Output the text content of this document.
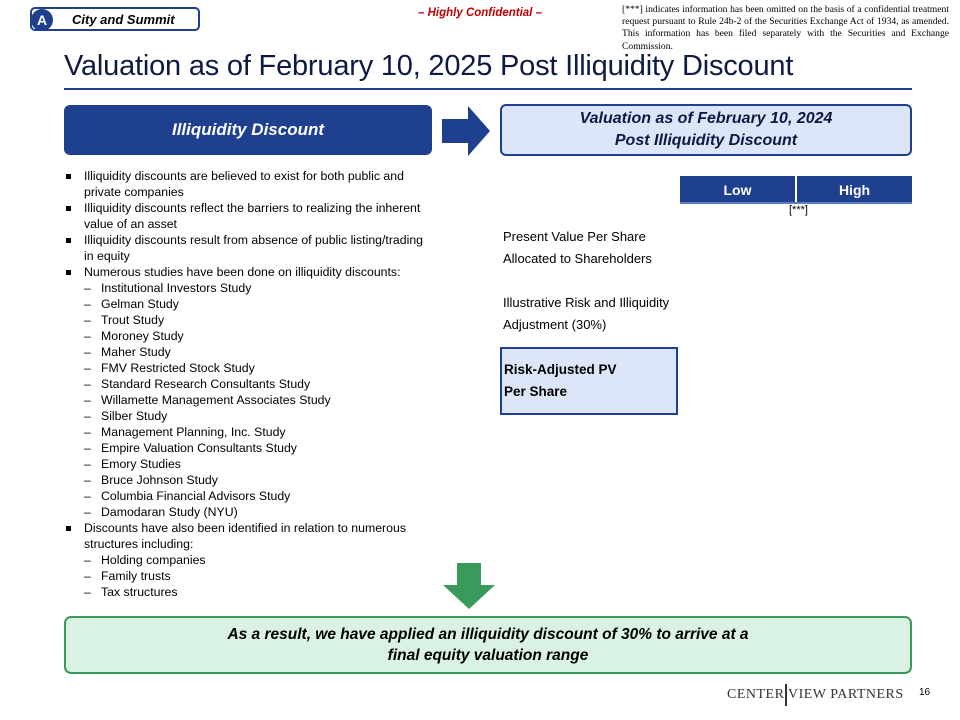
A	City and Summit	– Highly Confidential –	[***] indicates information has been omitted on the basis of a confidential treatment request pursuant to Rule 24b-2 of the Securities Exchange Act of 1934, as amended. This information has been filed separately with the Securities and Exchange Commission.
Valuation as of February 10, 2025 Post Illiquidity Discount
Illiquidity Discount
Valuation as of February 10, 2024
Post Illiquidity Discount
Illiquidity discounts are believed to exist for both public and private companies
Illiquidity discounts reflect the barriers to realizing the inherent value of an asset
Illiquidity discounts result from absence of public listing/trading in equity
Numerous studies have been done on illiquidity discounts:
– Institutional Investors Study
– Gelman Study
– Trout Study
– Moroney Study
– Maher Study
– FMV Restricted Stock Study
– Standard Research Consultants Study
– Willamette Management Associates Study
– Silber Study
– Management Planning, Inc. Study
– Empire Valuation Consultants Study
– Emory Studies
– Bruce Johnson Study
– Columbia Financial Advisors Study
– Damodaran Study (NYU)
Discounts have also been identified in relation to numerous structures including:
– Holding companies
– Family trusts
– Tax structures
Low	High
[***]
Present Value Per Share
Allocated to Shareholders
Illustrative Risk and Illiquidity
Adjustment (30%)
Risk-Adjusted PV
Per Share
As a result, we have applied an illiquidity discount of 30% to arrive at a
final equity valuation range
CENTER VIEW PARTNERS 16
